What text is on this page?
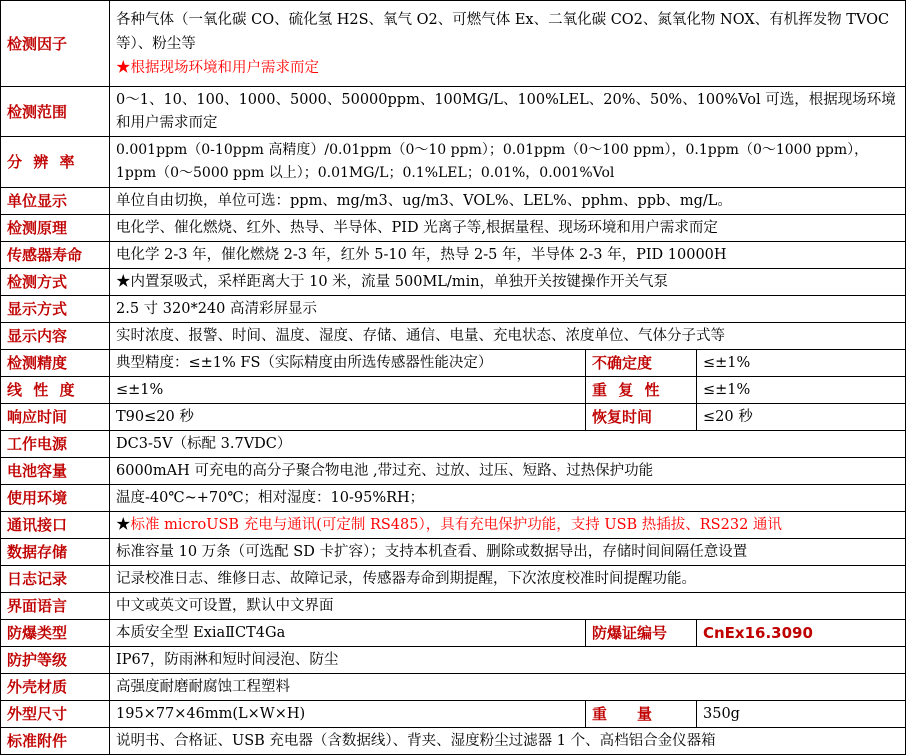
检测因子	各种气体（一氧化碳 CO、硫化氢 H2S、氧气 O2、可燃气体 Ex、二氧化碳 CO2、氮氧化物 NOX、有机挥发物 TVOC 等）、粉尘等
★根据现场环境和用户需求而定		
检测范围	0～1、10、100、1000、5000、50000ppm、100MG/L、100%LEL、20%、50%、100%Vol 可选，根据现场环境和用户需求而定		
分 辨 率	0.001ppm（0-10ppm 高精度）/0.01ppm（0～10 ppm）；0.01ppm（0～100 ppm），0.1ppm（0～1000 ppm），1ppm（0～5000 ppm 以上）；0.01MG/L；0.1%LEL；0.01%，0.001%Vol		
单位显示	单位自由切换，单位可选：ppm、mg/m3、ug/m3、VOL%、LEL%、pphm、ppb、mg/L。		
检测原理	电化学、催化燃烧、红外、热导、半导体、PID 光离子等,根据量程、现场环境和用户需求而定		
传感器寿命	电化学 2-3 年，催化燃烧 2-3 年，红外 5-10 年，热导 2-5 年，半导体 2-3 年，PID 10000H		
检测方式	★内置泵吸式，采样距离大于 10 米，流量 500ML/min，单独开关按键操作开关气泵		
显示方式	2.5 寸 320*240 高清彩屏显示		
显示内容	实时浓度、报警、时间、温度、湿度、存储、通信、电量、充电状态、浓度单位、气体分子式等		
检测精度	典型精度：≤±1% FS（实际精度由所选传感器性能决定）	不确定度	≤±1%
线 性 度	≤±1%	重 复 性	≤±1%
响应时间	T90≤20 秒	恢复时间	≤20 秒
工作电源	DC3-5V（标配 3.7VDC）		
电池容量	6000mAH 可充电的高分子聚合物电池 ,带过充、过放、过压、短路、过热保护功能		
使用环境	温度-40℃~+70℃；相对湿度：10-95%RH；		
通讯接口	★标准 microUSB 充电与通讯(可定制 RS485），具有充电保护功能，支持 USB 热插拔、RS232 通讯		
数据存储	标准容量 10 万条（可选配 SD 卡扩容）；支持本机查看、删除或数据导出，存储时间间隔任意设置		
日志记录	记录校准日志、维修日志、故障记录，传感器寿命到期提醒，下次浓度校准时间提醒功能。		
界面语言	中文或英文可设置，默认中文界面		
防爆类型	本质安全型 ExiaⅡCT4Ga	防爆证编号	CnEx16.3090
防护等级	IP67，防雨淋和短时间浸泡、防尘		
外壳材质	高强度耐磨耐腐蚀工程塑料		
外型尺寸	195×77×46mm(L×W×H)	重　　量	350g
标准附件	说明书、合格证、USB 充电器（含数据线）、背夹、湿度粉尘过滤器 1 个、高档铝合金仪器箱		
